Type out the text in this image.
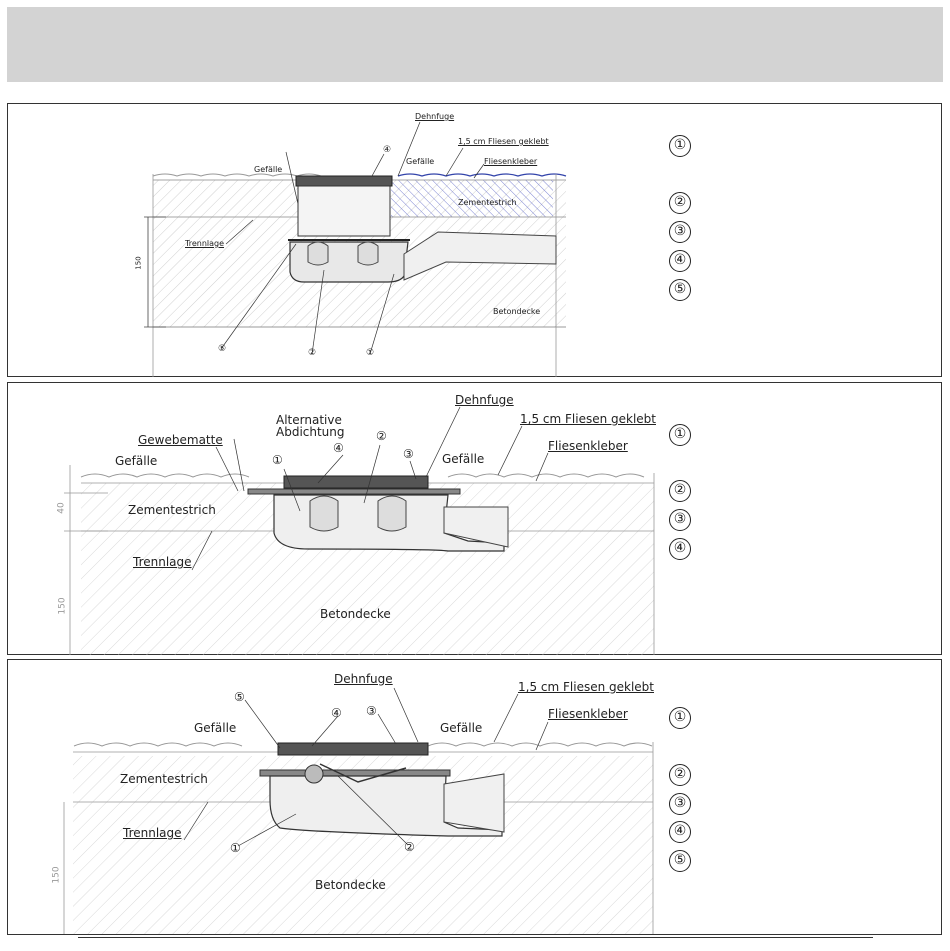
Dehnfuge
1,5 cm Fliesen geklebt
Gefälle
Gefälle	Fliesenkleber
Zementestrich
Trennlage
Betondecke
150
⑤	②	①
④	①
②
③
④
⑤
Alternative
Abdichtung
Gewebematte
Gefälle	Gefälle
Dehnfuge
1,5 cm Fliesen geklebt
Fliesenkleber
Zementestrich
Trennlage
Betondecke
40
150
①
④
②
③
①
②
③
④
Dehnfuge
1,5 cm Fliesen geklebt
Gefälle	Gefälle
Fliesenkleber
Zementestrich
Trennlage
Betondecke
150
⑤
④ ③
①	②
①
②
③
④
⑤
